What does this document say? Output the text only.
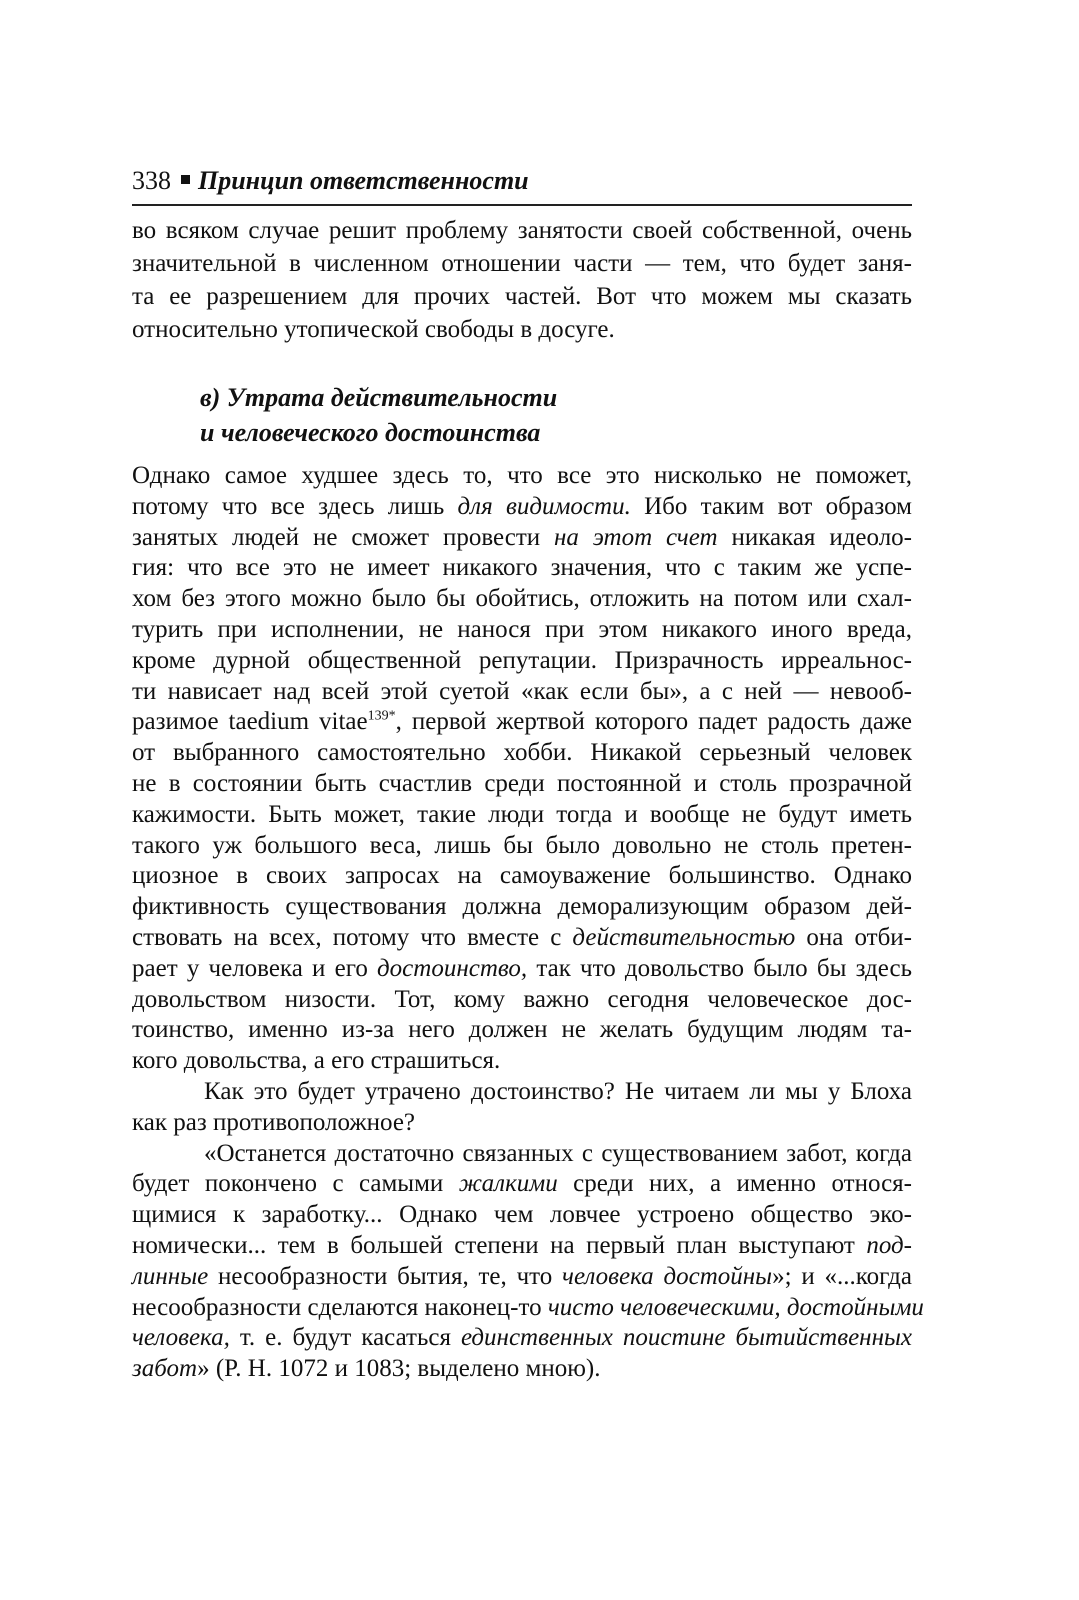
338 Принцип ответственности
во всяком случае решит проблему занятости своей собственной, очень
значительной в численном отношении части — тем, что будет заня-
та ее разрешением для прочих частей. Вот что можем мы сказать
относительно утопической свободы в досуге.
в) Утрата действительности
и человеческого достоинства
Однако самое худшее здесь то, что все это нисколько не поможет,
потому что все здесь лишь для видимости. Ибо таким вот образом
занятых людей не сможет провести на этот счет никакая идеоло-
гия: что все это не имеет никакого значения, что с таким же успе-
хом без этого можно было бы обойтись, отложить на потом или схал-
турить при исполнении, не нанося при этом никакого иного вреда,
кроме дурной общественной репутации. Призрачность ирреальнос-
ти нависает над всей этой суетой «как если бы», а с ней — невооб-
разимое taedium vitae$^{139*}$, первой жертвой которого падет радость даже
от выбранного самостоятельно хобби. Никакой серьезный человек
не в состоянии быть счастлив среди постоянной и столь прозрачной
кажимости. Быть может, такие люди тогда и вообще не будут иметь
такого уж большого веса, лишь бы было довольно не столь претен-
циозное в своих запросах на самоуважение большинство. Однако
фиктивность существования должна деморализующим образом дей-
ствовать на всех, потому что вместе с действительностью она отби-
рает у человека и его достоинство, так что довольство было бы здесь
довольством низости. Тот, кому важно сегодня человеческое дос-
тоинство, именно из-за него должен не желать будущим людям та-
кого довольства, а его страшиться.
Как это будет утрачено достоинство? Не читаем ли мы у Блоха
как раз противоположное?
«Останется достаточно связанных с существованием забот, когда
будет покончено с самыми жалкими среди них, а именно относя-
щимися к заработку... Однако чем ловчее устроено общество эко-
номически... тем в большей степени на первый план выступают под-
линные несообразности бытия, те, что человека достойны»; и «...когда
несообразности сделаются наконец-то чисто человеческими, достойными
человека, т. е. будут касаться единственных поистине бытийственных
забот» (P. H. 1072 и 1083; выделено мною).
